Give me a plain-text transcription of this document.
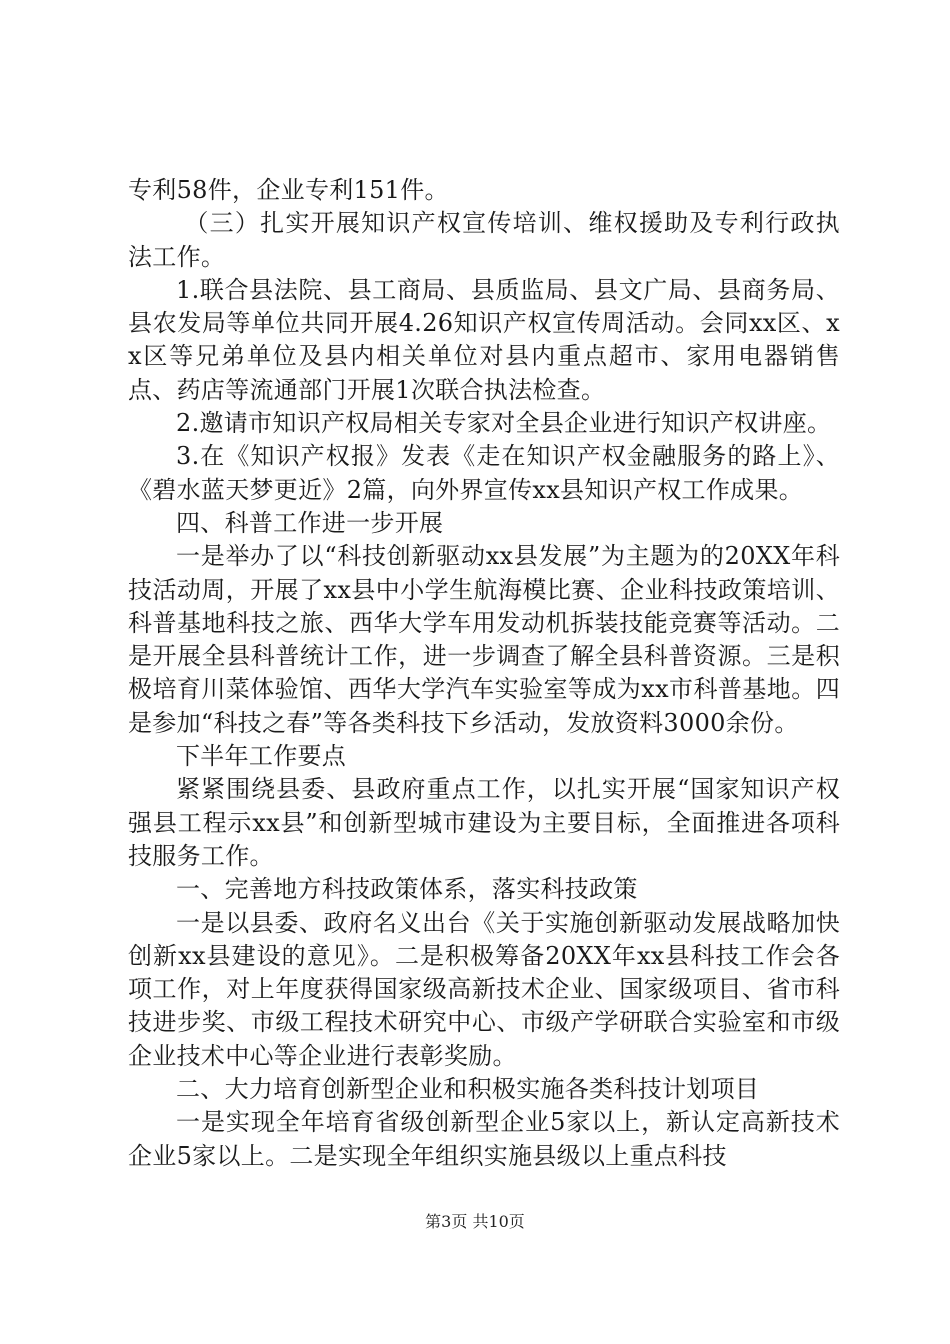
专利58件，企业专利151件。

（三）扎实开展知识产权宣传培训、维权援助及专利行政执法工作。

1.联合县法院、县工商局、县质监局、县文广局、县商务局、县农发局等单位共同开展4.26知识产权宣传周活动。会同xx区、xx区等兄弟单位及县内相关单位对县内重点超市、家用电器销售点、药店等流通部门开展1次联合执法检查。

2.邀请市知识产权局相关专家对全县企业进行知识产权讲座。

3.在《知识产权报》发表《走在知识产权金融服务的路上》、《碧水蓝天梦更近》2篇，向外界宣传xx县知识产权工作成果。

四、科普工作进一步开展

一是举办了以“科技创新驱动xx县发展”为主题为的20XX年科技活动周，开展了xx县中小学生航海模比赛、企业科技政策培训、科普基地科技之旅、西华大学车用发动机拆装技能竞赛等活动。二是开展全县科普统计工作，进一步调查了解全县科普资源。三是积极培育川菜体验馆、西华大学汽车实验室等成为xx市科普基地。四是参加“科技之春”等各类科技下乡活动，发放资料3000余份。

下半年工作要点

紧紧围绕县委、县政府重点工作，以扎实开展“国家知识产权强县工程示xx县”和创新型城市建设为主要目标，全面推进各项科技服务工作。

一、完善地方科技政策体系，落实科技政策

一是以县委、政府名义出台《关于实施创新驱动发展战略加快创新xx县建设的意见》。二是积极筹备20XX年xx县科技工作会各项工作，对上年度获得国家级高新技术企业、国家级项目、省市科技进步奖、市级工程技术研究中心、市级产学研联合实验室和市级企业技术中心等企业进行表彰奖励。

二、大力培育创新型企业和积极实施各类科技计划项目

一是实现全年培育省级创新型企业5家以上，新认定高新技术企业5家以上。二是实现全年组织实施县级以上重点科技

第3页 共10页
